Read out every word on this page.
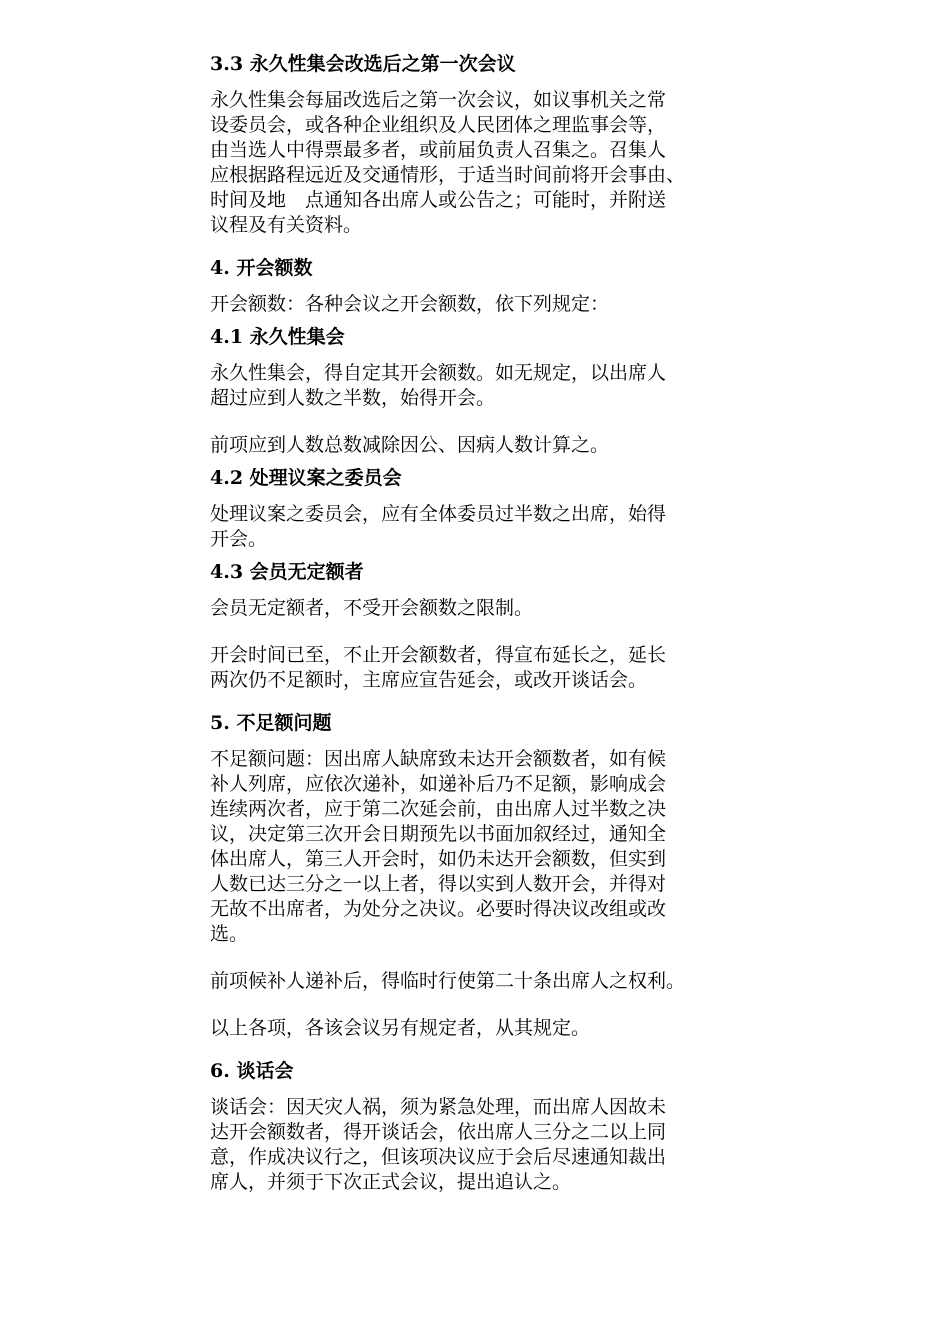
3.3 永久性集会改选后之第一次会议

永久性集会每届改选后之第一次会议，如议事机关之常
设委员会，或各种企业组织及人民团体之理监事会等，
由当选人中得票最多者，或前届负责人召集之。召集人
应根据路程远近及交通情形，于适当时间前将开会事由、
时间及地　点通知各出席人或公告之；可能时，并附送
议程及有关资料。

4. 开会额数

开会额数：各种会议之开会额数，依下列规定：

4.1 永久性集会

永久性集会，得自定其开会额数。如无规定，以出席人
超过应到人数之半数，始得开会。

前项应到人数总数减除因公、因病人数计算之。

4.2 处理议案之委员会

处理议案之委员会，应有全体委员过半数之出席，始得
开会。

4.3 会员无定额者

会员无定额者，不受开会额数之限制。

开会时间已至，不止开会额数者，得宣布延长之，延长
两次仍不足额时，主席应宣告延会，或改开谈话会。

5. 不足额问题

不足额问题：因出席人缺席致未达开会额数者，如有候
补人列席，应依次递补，如递补后乃不足额，影响成会
连续两次者，应于第二次延会前，由出席人过半数之决
议，决定第三次开会日期预先以书面加叙经过，通知全
体出席人，第三人开会时，如仍未达开会额数，但实到
人数已达三分之一以上者，得以实到人数开会，并得对
无故不出席者，为处分之决议。必要时得决议改组或改
选。

前项候补人递补后，得临时行使第二十条出席人之权利。

以上各项，各该会议另有规定者，从其规定。

6. 谈话会

谈话会：因天灾人祸，须为紧急处理，而出席人因故未
达开会额数者，得开谈话会，依出席人三分之二以上同
意，作成决议行之，但该项决议应于会后尽速通知裁出
席人，并须于下次正式会议，提出追认之。
